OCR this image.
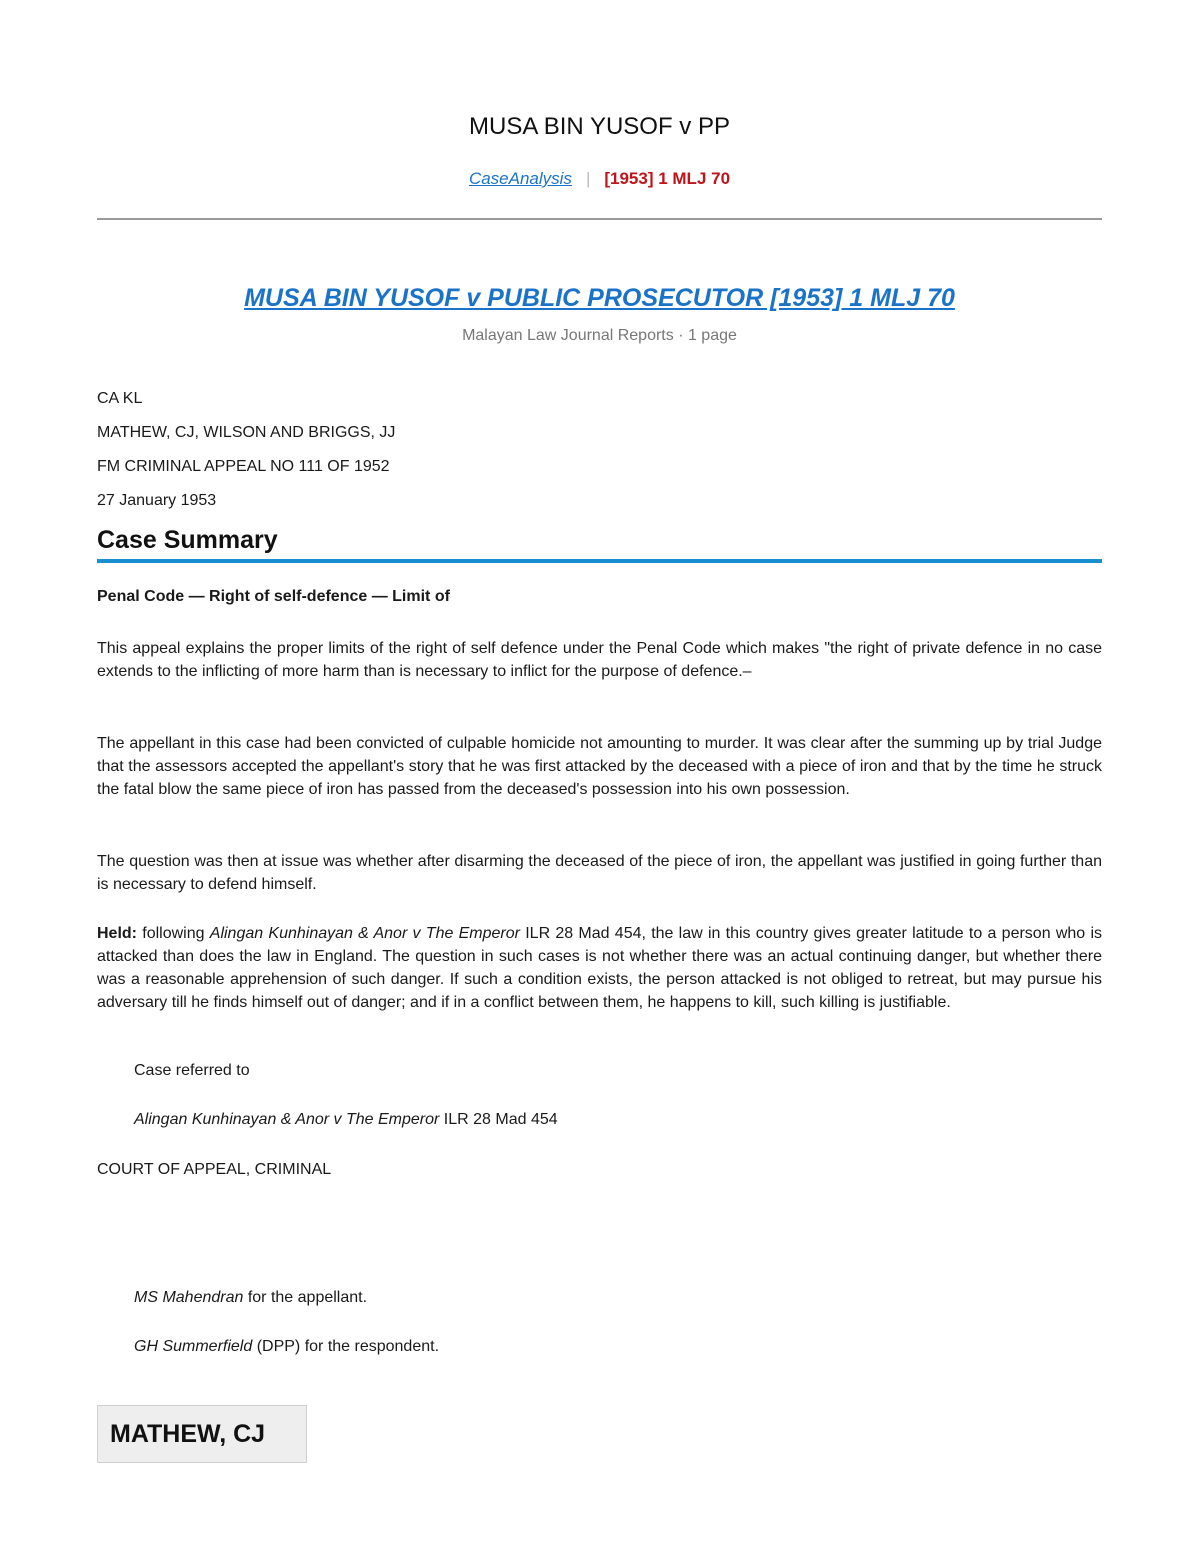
MUSA BIN YUSOF v PP
CaseAnalysis | [1953] 1 MLJ 70
MUSA BIN YUSOF v PUBLIC PROSECUTOR [1953] 1 MLJ 70
Malayan Law Journal Reports · 1 page
CA KL
MATHEW, CJ, WILSON AND BRIGGS, JJ
FM CRIMINAL APPEAL NO 111 OF 1952
27 January 1953
Case Summary
Penal Code — Right of self-defence — Limit of
This appeal explains the proper limits of the right of self defence under the Penal Code which makes "the right of private defence in no case extends to the inflicting of more harm than is necessary to inflict for the purpose of defence.–
The appellant in this case had been convicted of culpable homicide not amounting to murder. It was clear after the summing up by trial Judge that the assessors accepted the appellant's story that he was first attacked by the deceased with a piece of iron and that by the time he struck the fatal blow the same piece of iron has passed from the deceased's possession into his own possession.
The question was then at issue was whether after disarming the deceased of the piece of iron, the appellant was justified in going further than is necessary to defend himself.
Held: following Alingan Kunhinayan & Anor v The Emperor ILR 28 Mad 454, the law in this country gives greater latitude to a person who is attacked than does the law in England. The question in such cases is not whether there was an actual continuing danger, but whether there was a reasonable apprehension of such danger. If such a condition exists, the person attacked is not obliged to retreat, but may pursue his adversary till he finds himself out of danger; and if in a conflict between them, he happens to kill, such killing is justifiable.
Case referred to
Alingan Kunhinayan & Anor v The Emperor ILR 28 Mad 454
COURT OF APPEAL, CRIMINAL
MS Mahendran for the appellant.
GH Summerfield (DPP) for the respondent.
MATHEW, CJ
